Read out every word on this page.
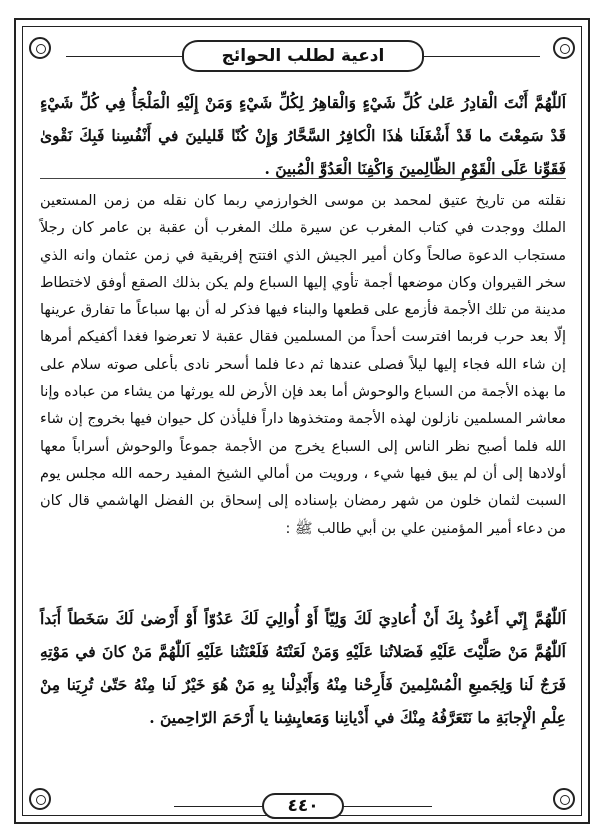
ادعية لطلب الحوائج
اَللّٰهُمَّ أَنْتَ الْقادِرُ عَلىٰ كُلِّ شَيْءٍ وَالْقاهِرُ لِكُلِّ شَيْءٍ وَمَنْ إِلَيْهِ الْمَلْجَأُ فِي كُلِّ شَيْءٍ قَدْ سَمِعْتَ ما قَدْ أَشْغَلَنا هٰذَا الْكافِرُ السَّحَّارُ وَإِنْ كُنّا قَليلينَ في أَنْفُسِنا فَبِكَ نَقْوىٰ فَقَوِّنا عَلَى الْقَوْمِ الظّالِمينَ وَاكْفِنَا الْعَدُوَّ الْمُبينَ .
نقلته من تاريخ عتيق لمحمد بن موسى الخوارزمي ربما كان نقله من زمن المستعين الملك ووجدت في كتاب المغرب عن سيرة ملك المغرب أن عقبة بن عامر كان رجلاً مستجاب الدعوة صالحاً وكان أمير الجيش الذي افتتح إفريقية في زمن عثمان وانه الذي سخر القيروان وكان موضعها أجمة تأوي إليها السباع ولم يكن بذلك الصقع أوفق لاختطاط مدينة من تلك الأجمة فأزمع على قطعها والبناء فيها فذكر له أن بها سباعاً ما تفارق عرينها إلّا بعد حرب فربما افترست أحداً من المسلمين فقال عقبة لا تعرضوا فغدا أكفيكم أمرها إن شاء الله فجاء إليها ليلاً فصلى عندها ثم دعا فلما أسحر نادى بأعلى صوته سلام على ما بهذه الأجمة من السباع والوحوش أما بعد فإن الأرض لله يورثها من يشاء من عباده وإنا معاشر المسلمين نازلون لهذه الأجمة ومتخذوها داراً فليأذن كل حيوان فيها بخروج إن شاء الله فلما أصبح نظر الناس إلى السباع يخرج من الأجمة جموعاً والوحوش أسراباً معها أولادها إلى أن لم يبق فيها شيء ، ورويت من أمالي الشيخ المفيد رحمه الله مجلس يوم السبت لثمان خلون من شهر رمضان بإسناده إلى إسحاق بن الفضل الهاشمي قال كان من دعاء أمير المؤمنين علي بن أبي طالب ﷺ :
اَللّٰهُمَّ إِنّي أَعُوذُ بِكَ أَنْ أُعادِيَ لَكَ وَلِيّاً أَوْ أُوالِيَ لَكَ عَدُوّاً أَوْ أَرْضىٰ لَكَ سَخَطاً أَبَداً اَللّٰهُمَّ مَنْ صَلَّيْتَ عَلَيْهِ فَصَلاتُنا عَلَيْهِ وَمَنْ لَعَنْتَهُ فَلَعْنَتُنا عَلَيْهِ اَللّٰهُمَّ مَنْ كانَ في مَوْتِهِ فَرَجٌ لَنا وَلِجَميعِ الْمُسْلِمينَ فَأَرِحْنا مِنْهُ وَأَبْدِلْنا بِهِ مَنْ هُوَ خَيْرٌ لَنا مِنْهُ حَتّىٰ تُرِيَنا مِنْ عِلْمِ الْإِجابَةِ ما نَتَعَرَّفُهُ مِنْكَ في أَدْيانِنا وَمَعايِشِنا يا أَرْحَمَ الرّاحِمينَ .
٤٤٠
